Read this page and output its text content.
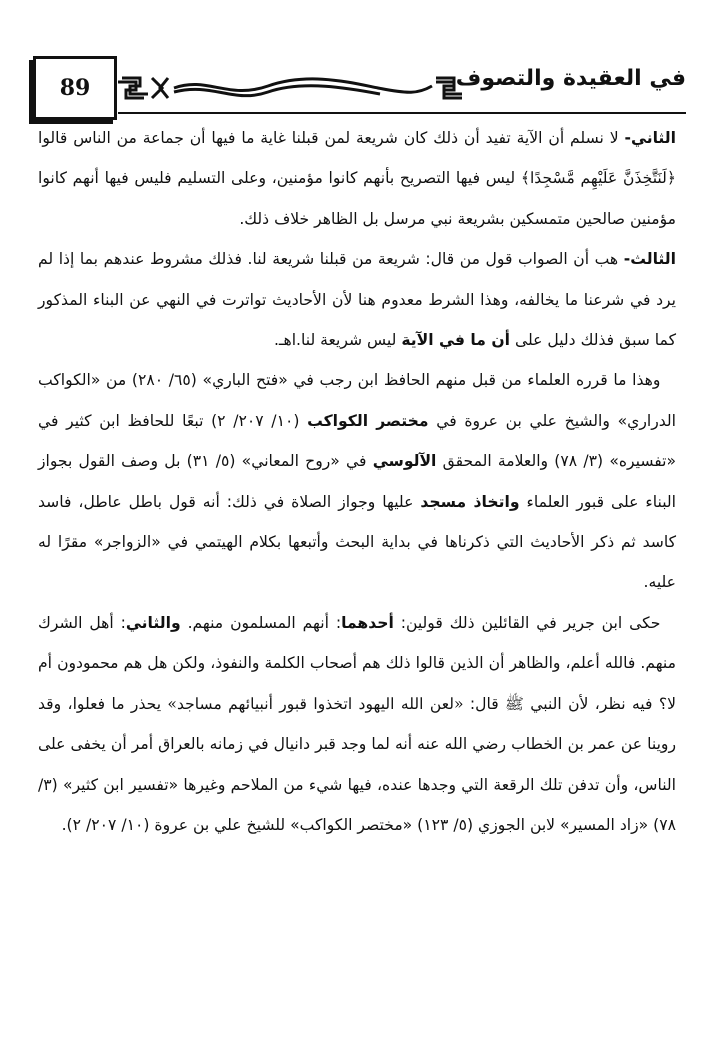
89	في العقيدة والتصوف

الثاني- لا نسلم أن الآية تفيد أن ذلك كان شريعة لمن قبلنا غاية ما فيها أن جماعة من الناس قالوا ﴿لَنَتَّخِذَنَّ عَلَيْهِم مَّسْجِدًا﴾ ليس فيها التصريح بأنهم كانوا مؤمنين، وعلى التسليم فليس فيها أنهم كانوا مؤمنين صالحين متمسكين بشريعة نبي مرسل بل الظاهر خلاف ذلك.

الثالث- هب أن الصواب قول من قال: شريعة من قبلنا شريعة لنا. فذلك مشروط عندهم بما إذا لم يرد في شرعنا ما يخالفه، وهذا الشرط معدوم هنا لأن الأحاديث تواترت في النهي عن البناء المذكور كما سبق فذلك دليل على أن ما في الآية ليس شريعة لنا.اهـ.

 وهذا ما قرره العلماء من قبل منهم الحافظ ابن رجب في «فتح الباري» (٦٥/ ٢٨٠) من «الكواكب الدراري» والشيخ علي بن عروة في مختصر الكواكب (١٠/ ٢٠٧/ ٢) تبعًا للحافظ ابن كثير في «تفسيره» (٣/ ٧٨) والعلامة المحقق الآلوسي في «روح المعاني» (٥/ ٣١) بل وصف القول بجواز البناء على قبور العلماء واتخاذ مسجد عليها وجواز الصلاة في ذلك: أنه قول باطل عاطل، فاسد كاسد ثم ذكر الأحاديث التي ذكرناها في بداية البحث وأتبعها بكلام الهيتمي في «الزواجر» مقرًا له عليه.

 حكى ابن جرير في القائلين ذلك قولين: أحدهما: أنهم المسلمون منهم. والثاني: أهل الشرك منهم. فالله أعلم، والظاهر أن الذين قالوا ذلك هم أصحاب الكلمة والنفوذ، ولكن هل هم محمودون أم لا؟ فيه نظر، لأن النبي ﷺ قال: «لعن الله اليهود اتخذوا قبور أنبيائهم مساجد» يحذر ما فعلوا، وقد روينا عن عمر بن الخطاب رضي الله عنه أنه لما وجد قبر دانيال في زمانه بالعراق أمر أن يخفى على الناس، وأن تدفن تلك الرقعة التي وجدها عنده، فيها شيء من الملاحم وغيرها «تفسير ابن كثير» (٣/ ٧٨) «زاد المسير» لابن الجوزي (٥/ ١٢٣) «مختصر الكواكب» للشيخ علي بن عروة (١٠/ ٢٠٧/ ٢).
